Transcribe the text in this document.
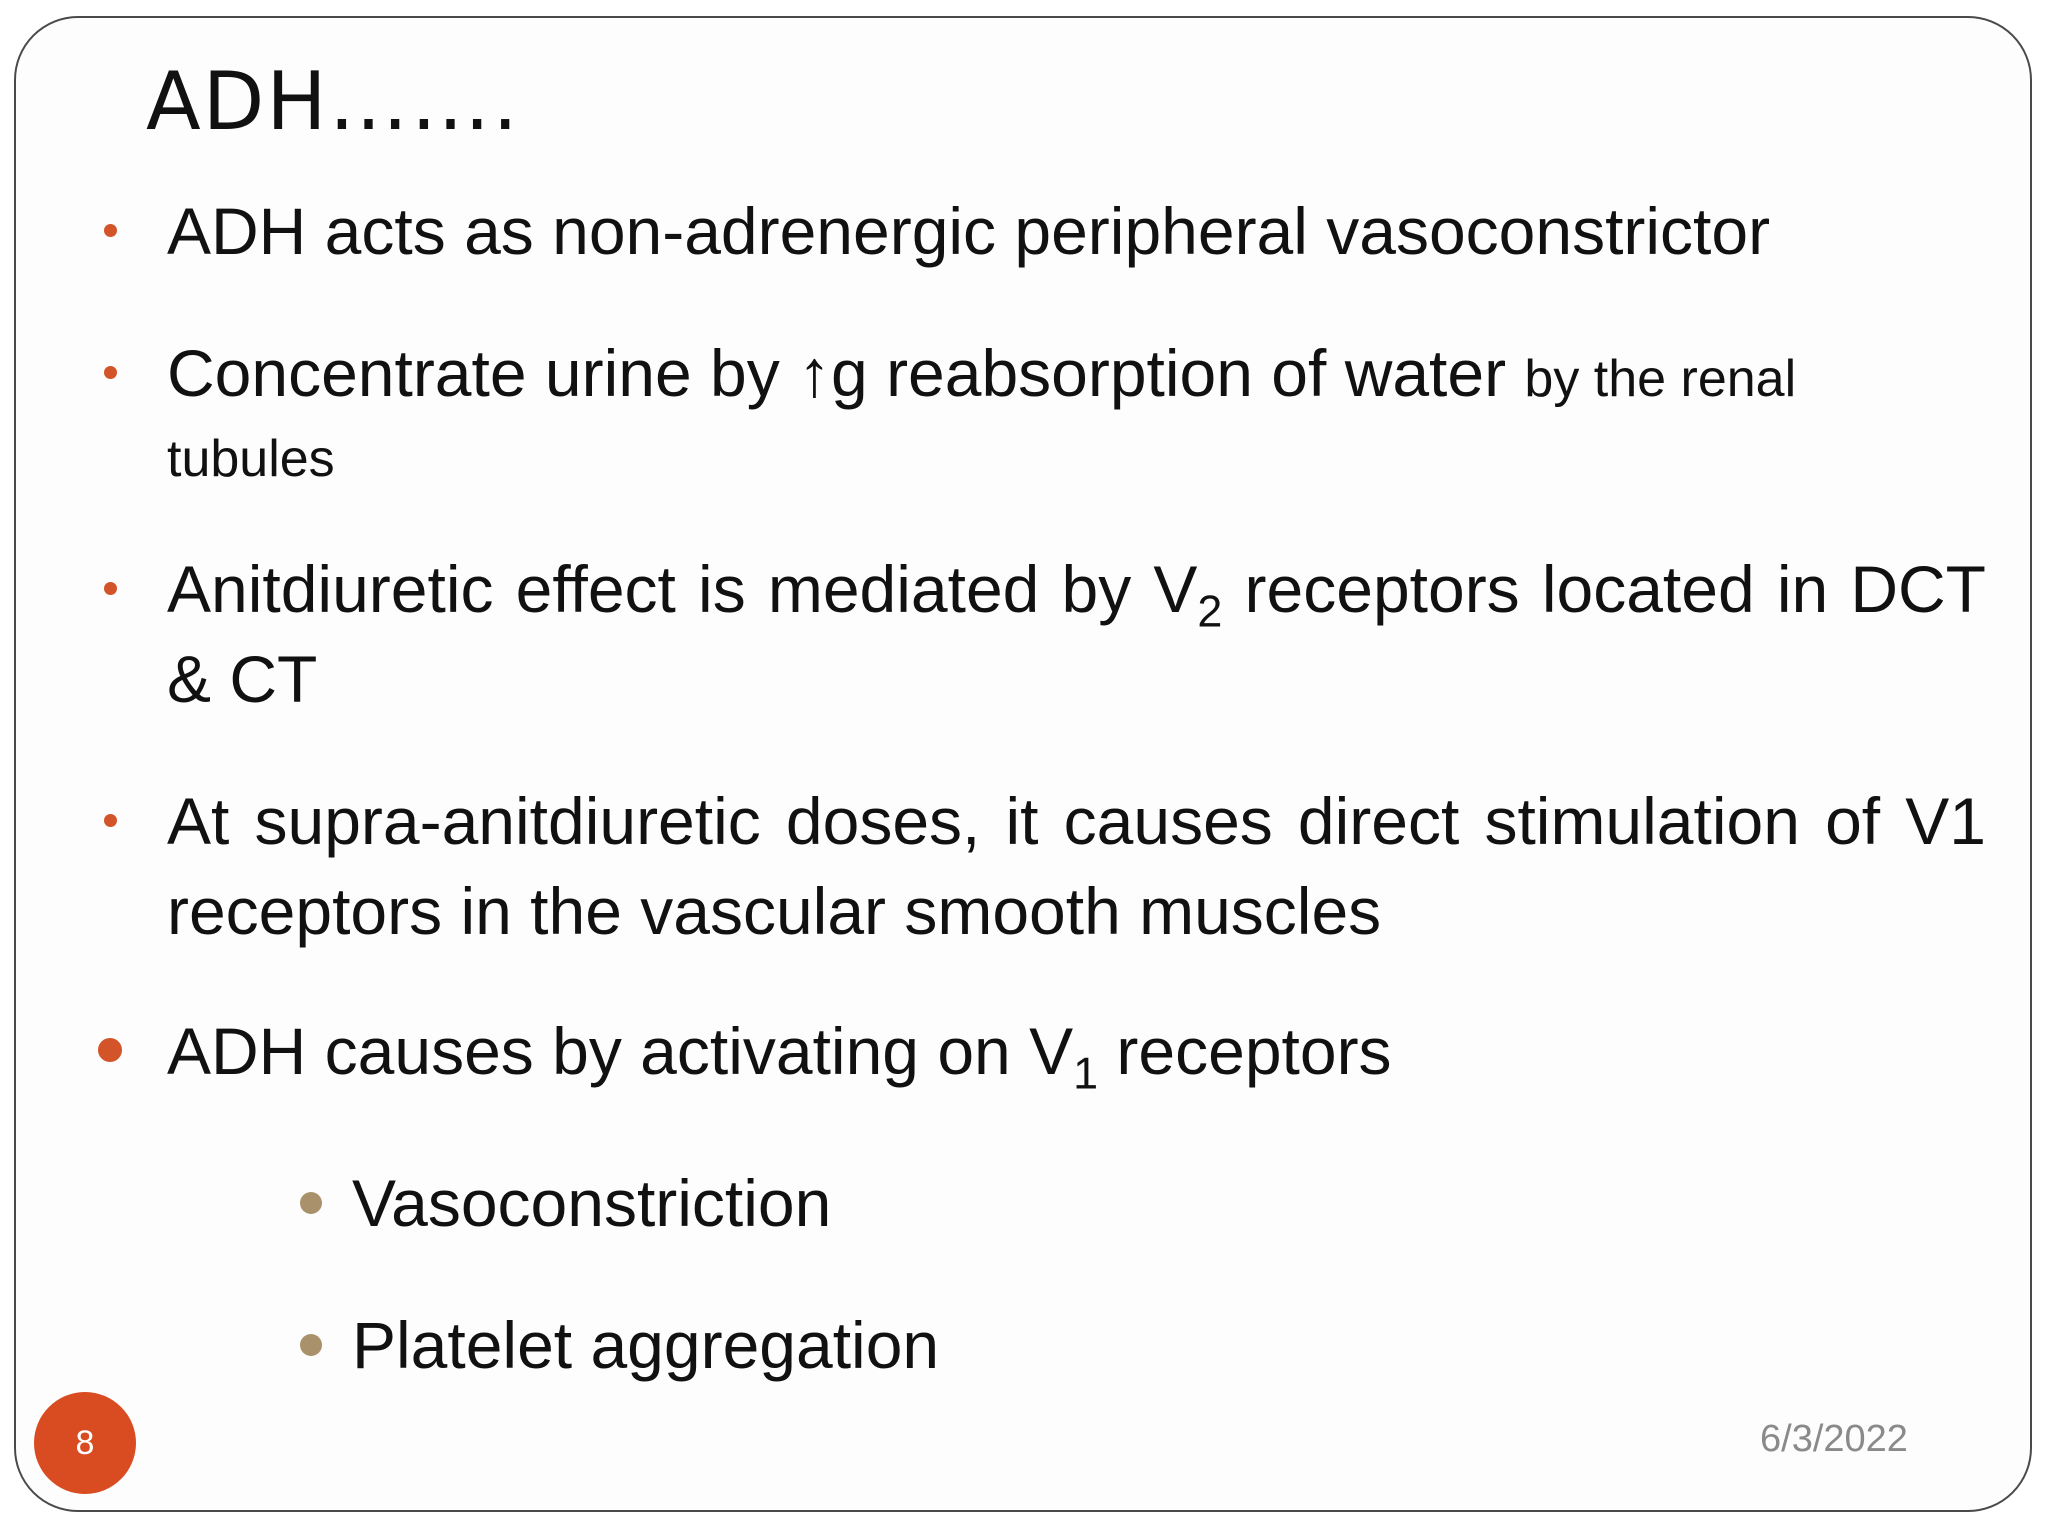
ADH…….
ADH acts as non-adrenergic peripheral vasoconstrictor
Concentrate urine by ↑g reabsorption of water by the renal
tubules
Anitdiuretic effect is mediated by $V_2$ receptors located in DCT & CT
At supra-anitdiuretic doses, it causes direct stimulation of V1 receptors in the vascular smooth muscles
ADH causes by activating on $V_1$ receptors
Vasoconstriction
Platelet aggregation
8	6/3/2022
